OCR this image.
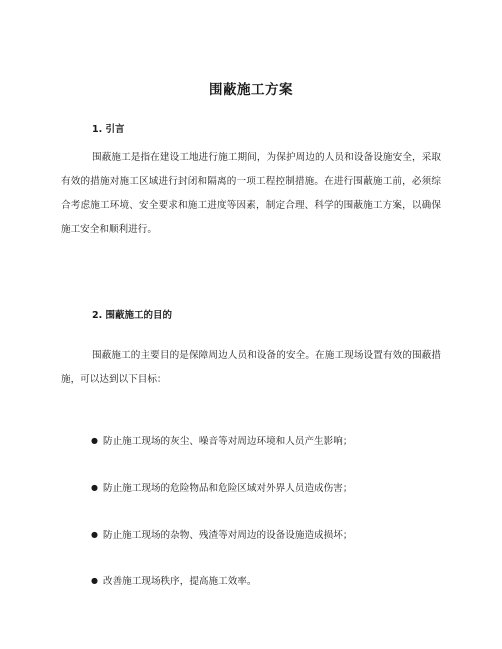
围蔽施工方案
1. 引言

围蔽施工是指在建设工地进行施工期间，为保护周边的人员和设备设施安全，采取有效的措施对施工区域进行封闭和隔离的一项工程控制措施。在进行围蔽施工前，必须综合考虑施工环境、安全要求和施工进度等因素，制定合理、科学的围蔽施工方案，以确保施工安全和顺利进行。

2. 围蔽施工的目的

围蔽施工的主要目的是保障周边人员和设备的安全。在施工现场设置有效的围蔽措施，可以达到以下目标：

● 防止施工现场的灰尘、噪音等对周边环境和人员产生影响；
● 防止施工现场的危险物品和危险区域对外界人员造成伤害；
● 防止施工现场的杂物、残渣等对周边的设备设施造成损坏；
● 改善施工现场秩序，提高施工效率。
